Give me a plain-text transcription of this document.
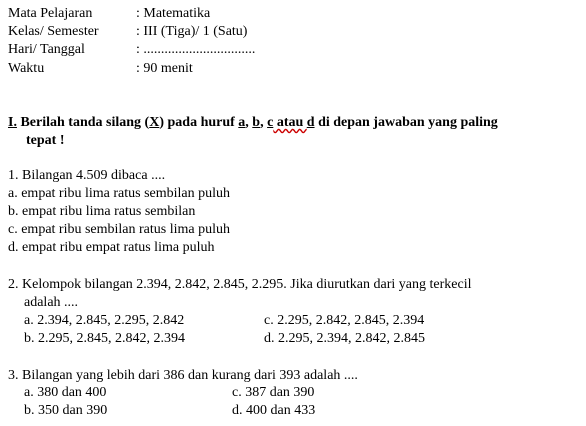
Mata Pelajaran	: Matematika
Kelas/ Semester	: III (Tiga)/ 1 (Satu)
Hari/ Tanggal	: ................................
Waktu	: 90 menit
I. Berilah tanda silang (X) pada huruf a, b, c atau d di depan jawaban yang paling
tepat !
1. Bilangan 4.509 dibaca ....
a. empat ribu lima ratus sembilan puluh
b. empat ribu lima ratus sembilan
c. empat ribu sembilan ratus lima puluh
d. empat ribu empat ratus lima puluh
2. Kelompok bilangan 2.394, 2.842, 2.845, 2.295. Jika diurutkan dari yang terkecil
adalah ....
a. 2.394, 2.845, 2.295, 2.842	c. 2.295, 2.842, 2.845, 2.394
b. 2.295, 2.845, 2.842, 2.394	d. 2.295, 2.394, 2.842, 2.845
3. Bilangan yang lebih dari 386 dan kurang dari 393 adalah ....
a. 380 dan 400	c. 387 dan 390
b. 350 dan 390	d. 400 dan 433
